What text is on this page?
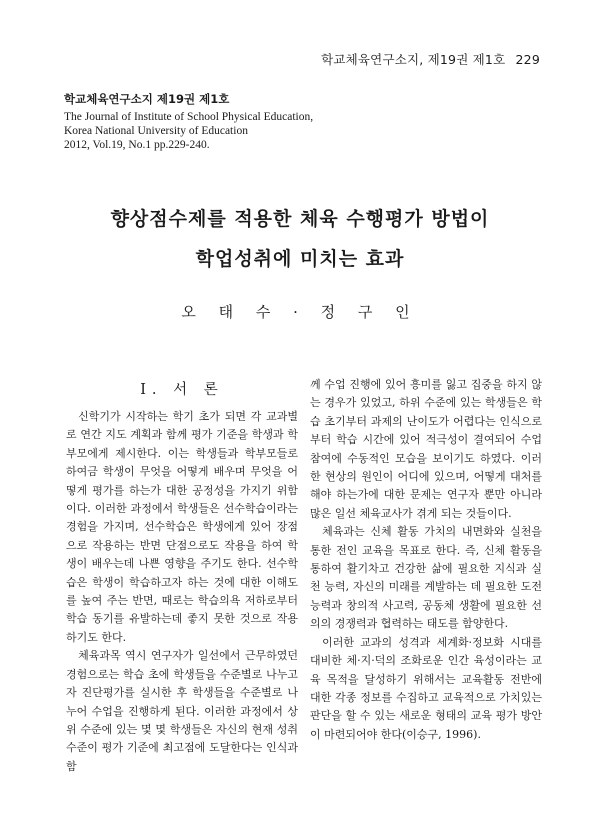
학교체육연구소지, 제19권 제1호 229
학교체육연구소지 제19권 제1호
The Journal of Institute of School Physical Education,
Korea National University of Education
2012, Vol.19, No.1 pp.229-240.
향상점수제를 적용한 체육 수행평가 방법이
학업성취에 미치는 효과
오 태 수 · 정 구 인
Ⅰ. 서 론

신학기가 시작하는 학기 초가 되면 각 교과별로 연간 지도 계획과 함께 평가 기준을 학생과 학부모에게 제시한다. 이는 학생들과 학부모들로 하여금 학생이 무엇을 어떻게 배우며 무엇을 어떻게 평가를 하는가 대한 공정성을 가지기 위함이다. 이러한 과정에서 학생들은 선수학습이라는 경험을 가지며, 선수학습은 학생에게 있어 장점으로 작용하는 반면 단점으로도 작용을 하여 학생이 배우는데 나쁜 영향을 주기도 한다. 선수학습은 학생이 학습하고자 하는 것에 대한 이해도를 높여 주는 반면, 때로는 학습의욕 저하로부터 학습 동기를 유발하는데 좋지 못한 것으로 작용하기도 한다.

체육과목 역시 연구자가 일선에서 근무하였던 경험으로는 학습 초에 학생들을 수준별로 나누고자 진단평가를 실시한 후 학생들을 수준별로 나누어 수업을 진행하게 된다. 이러한 과정에서 상위 수준에 있는 몇 몇 학생들은 자신의 현재 성취 수준이 평가 기준에 최고점에 도달한다는 인식과 함

께 수업 진행에 있어 흥미를 잃고 집중을 하지 않는 경우가 있었고, 하위 수준에 있는 학생들은 학습 초기부터 과제의 난이도가 어렵다는 인식으로부터 학습 시간에 있어 적극성이 결여되어 수업 참여에 수동적인 모습을 보이기도 하였다. 이러한 현상의 원인이 어디에 있으며, 어떻게 대처를 해야 하는가에 대한 문제는 연구자 뿐만 아니라 많은 일선 체육교사가 겪게 되는 것들이다.

체육과는 신체 활동 가치의 내면화와 실천을 통한 전인 교육을 목표로 한다. 즉, 신체 활동을 통하여 활기차고 건강한 삶에 필요한 지식과 실천 능력, 자신의 미래를 계발하는 데 필요한 도전 능력과 창의적 사고력, 공동체 생활에 필요한 선의의 경쟁력과 협력하는 태도를 함양한다.

이러한 교과의 성격과 세계화·정보화 시대를 대비한 체·지·덕의 조화로운 인간 육성이라는 교육 목적을 달성하기 위해서는 교육활동 전반에 대한 각종 정보를 수집하고 교육적으로 가치있는 판단을 할 수 있는 새로운 형태의 교육 평가 방안이 마련되어야 한다(이승구, 1996).
